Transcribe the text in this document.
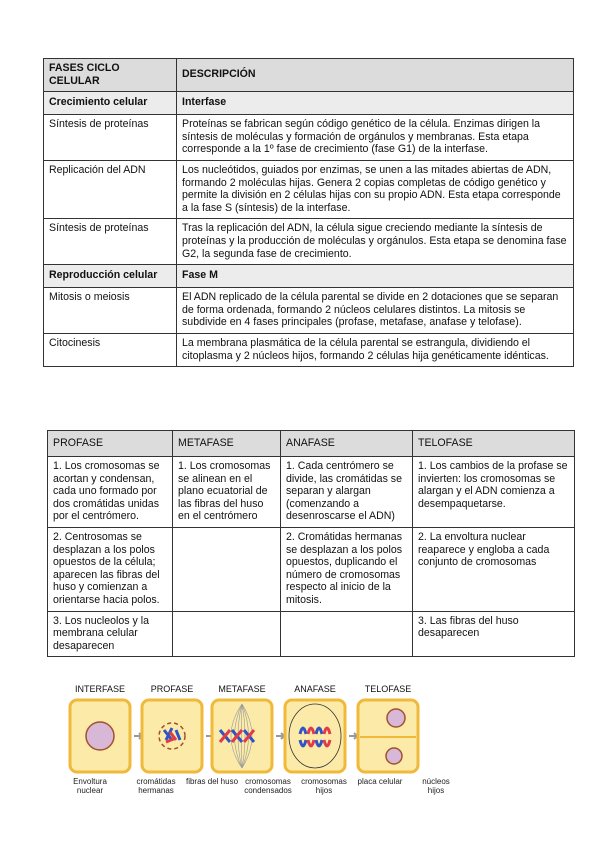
FASES CICLO CELULAR	DESCRIPCIÓN
Crecimiento celular	Interfase
Síntesis de proteínas	Proteínas se fabrican según código genético de la célula. Enzimas dirigen la síntesis de moléculas y formación de orgánulos y membranas. Esta etapa corresponde a la 1º fase de crecimiento (fase G1) de la interfase.
Replicación del ADN	Los nucleótidos, guiados por enzimas, se unen a las mitades abiertas de ADN, formando 2 moléculas hijas. Genera 2 copias completas de código genético y permite la división en 2 células hijas con su propio ADN. Esta etapa corresponde a la fase S (síntesis) de la interfase.
Síntesis de proteínas	Tras la replicación del ADN, la célula sigue creciendo mediante la síntesis de proteínas y la producción de moléculas y orgánulos. Esta etapa se denomina fase G2, la segunda fase de crecimiento.
Reproducción celular	Fase M
Mitosis o meiosis	El ADN replicado de la célula parental se divide en 2 dotaciones que se separan de forma ordenada, formando 2 núcleos celulares distintos. La mitosis se subdivide en 4 fases principales (profase, metafase, anafase y telofase).
Citocinesis	La membrana plasmática de la célula parental se estrangula, dividiendo el citoplasma y 2 núcleos hijos, formando 2 células hija genéticamente idénticas.
PROFASE	METAFASE	ANAFASE	TELOFASE
1. Los cromosomas se acortan y condensan, cada uno formado por dos cromátidas unidas por el centrómero.	1. Los cromosomas se alinean en el plano ecuatorial de las fibras del huso en el centrómero	1. Cada centrómero se divide, las cromátidas se separan y alargan (comenzando a desenroscarse el ADN)	1. Los cambios de la profase se invierten: los cromosomas se alargan y el ADN comienza a desempaquetarse.
2. Centrosomas se desplazan a los polos opuestos de la célula; aparecen las fibras del huso y comienzan a orientarse hacia polos.		2. Cromátidas hermanas se desplazan a los polos opuestos, duplicando el número de cromosomas respecto al inicio de la mitosis.	2. La envoltura nuclear reaparece y engloba a cada conjunto de cromosomas
3. Los nucleolos y la membrana celular desaparecen			3. Las fibras del huso desaparecen
INTERFASE	PROFASE	METAFASE	ANAFASE	TELOFASE
Envoltura nuclear
cromátidas hermanas
fibras del huso cromosomas condensados
cromosomas hijos
placa celular	núcleos hijos
